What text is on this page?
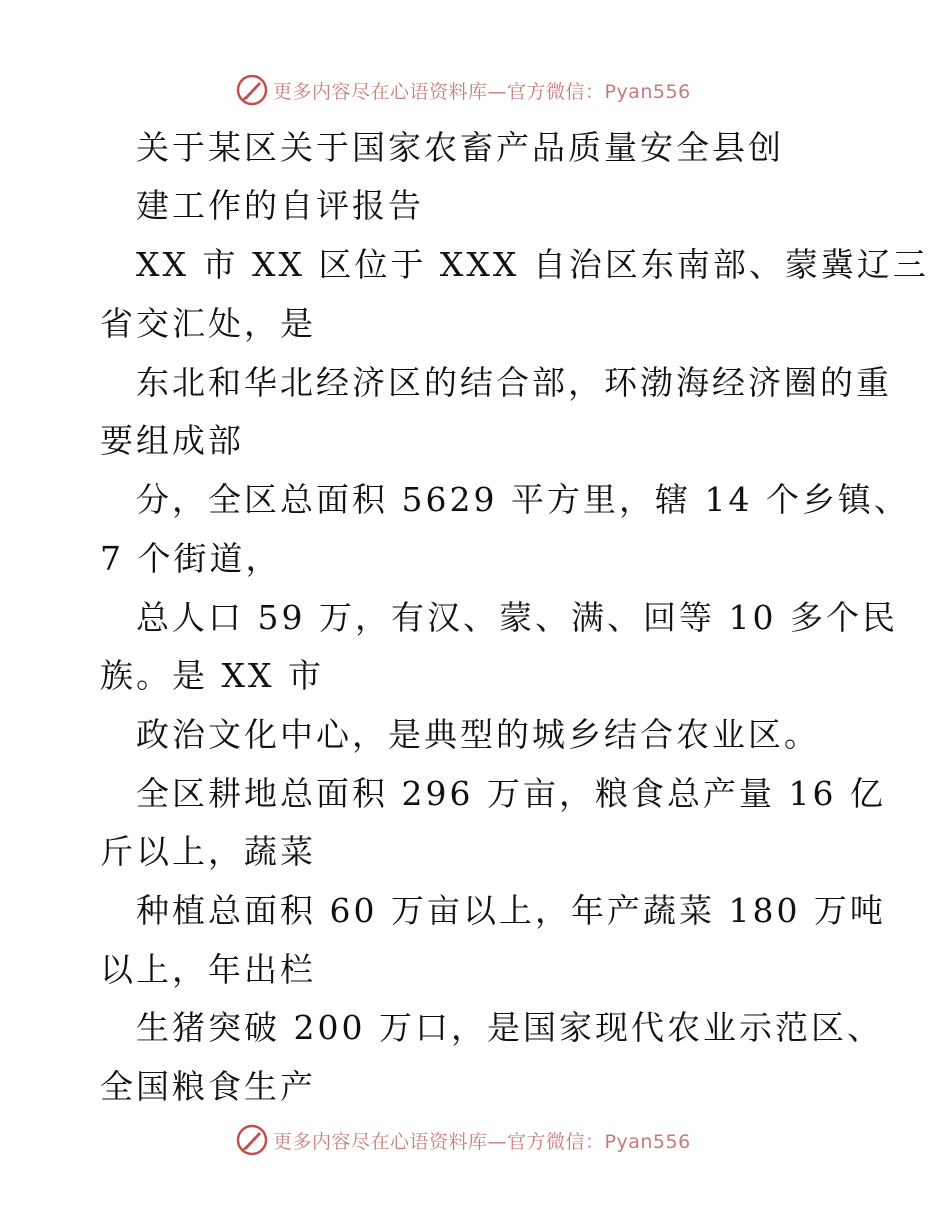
更多内容尽在心语资料库—官方微信：Pyan556
关于某区关于国家农畜产品质量安全县创
建工作的自评报告
XX 市 XX 区位于 XXX 自治区东南部、蒙冀辽三
省交汇处，是
东北和华北经济区的结合部，环渤海经济圈的重
要组成部
分，全区总面积 5629 平方里，辖 14 个乡镇、
7 个街道，
总人口 59 万，有汉、蒙、满、回等 10 多个民
族。是 XX 市
政治文化中心，是典型的城乡结合农业区。
全区耕地总面积 296 万亩，粮食总产量 16 亿
斤以上，蔬菜
种植总面积 60 万亩以上，年产蔬菜 180 万吨
以上，年出栏
生猪突破 200 万口，是国家现代农业示范区、
全国粮食生产
更多内容尽在心语资料库—官方微信：Pyan556
